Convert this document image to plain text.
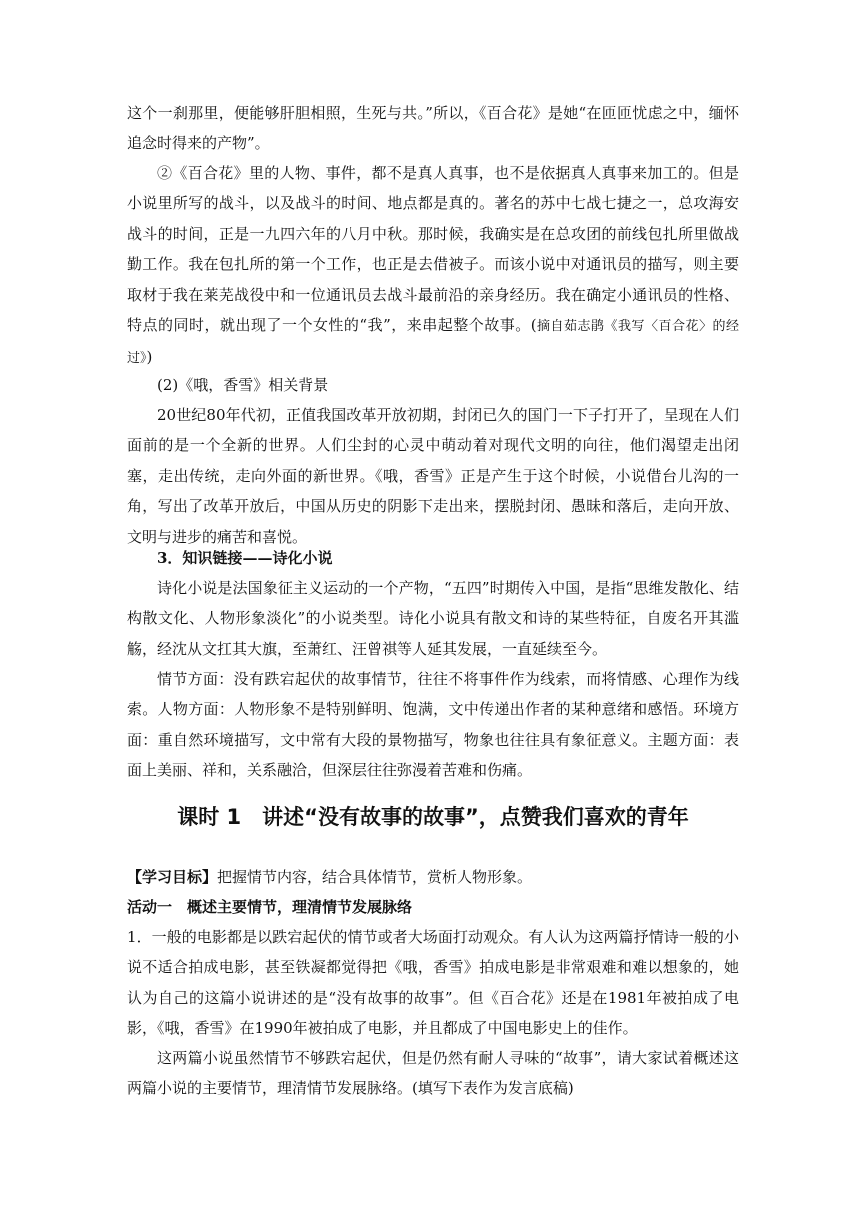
这个一刹那里，便能够肝胆相照，生死与共。”所以，《百合花》是她“在匝匝忧虑之中，缅怀追念时得来的产物”。

②《百合花》里的人物、事件，都不是真人真事，也不是依据真人真事来加工的。但是小说里所写的战斗，以及战斗的时间、地点都是真的。著名的苏中七战七捷之一，总攻海安战斗的时间，正是一九四六年的八月中秋。那时候，我确实是在总攻团的前线包扎所里做战勤工作。我在包扎所的第一个工作，也正是去借被子。而该小说中对通讯员的描写，则主要取材于我在莱芜战役中和一位通讯员去战斗最前沿的亲身经历。我在确定小通讯员的性格、特点的同时，就出现了一个女性的“我”，来串起整个故事。(摘自茹志鹃《我写〈百合花〉的经过》)

(2)《哦，香雪》相关背景

20世纪80年代初，正值我国改革开放初期，封闭已久的国门一下子打开了，呈现在人们面前的是一个全新的世界。人们尘封的心灵中萌动着对现代文明的向往，他们渴望走出闭塞，走出传统，走向外面的新世界。《哦，香雪》正是产生于这个时候，小说借台儿沟的一角，写出了改革开放后，中国从历史的阴影下走出来，摆脱封闭、愚昧和落后，走向开放、文明与进步的痛苦和喜悦。

3．知识链接——诗化小说

诗化小说是法国象征主义运动的一个产物，“五四”时期传入中国，是指“思维发散化、结构散文化、人物形象淡化”的小说类型。诗化小说具有散文和诗的某些特征，自废名开其滥觞，经沈从文扛其大旗，至萧红、汪曾祺等人延其发展，一直延续至今。

情节方面：没有跌宕起伏的故事情节，往往不将事件作为线索，而将情感、心理作为线索。人物方面：人物形象不是特别鲜明、饱满，文中传递出作者的某种意绪和感悟。环境方面：重自然环境描写，文中常有大段的景物描写，物象也往往具有象征意义。主题方面：表面上美丽、祥和，关系融洽，但深层往往弥漫着苦难和伤痛。

课时 1　讲述“没有故事的故事”，点赞我们喜欢的青年

【学习目标】把握情节内容，结合具体情节，赏析人物形象。

活动一　概述主要情节，理清情节发展脉络

1．一般的电影都是以跌宕起伏的情节或者大场面打动观众。有人认为这两篇抒情诗一般的小说不适合拍成电影，甚至铁凝都觉得把《哦，香雪》拍成电影是非常艰难和难以想象的，她认为自己的这篇小说讲述的是“没有故事的故事”。但《百合花》还是在1981年被拍成了电影，《哦，香雪》在1990年被拍成了电影，并且都成了中国电影史上的佳作。

这两篇小说虽然情节不够跌宕起伏，但是仍然有耐人寻味的“故事”，请大家试着概述这两篇小说的主要情节，理清情节发展脉络。(填写下表作为发言底稿)
